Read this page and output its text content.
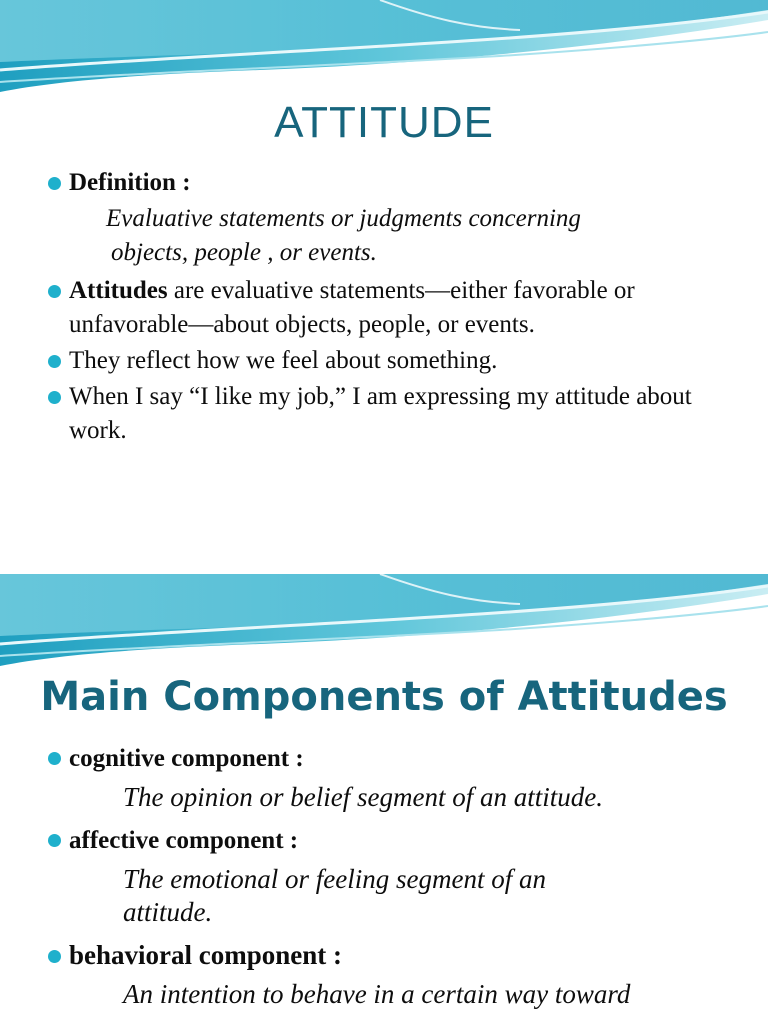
ATTITUDE
Definition :
Evaluative statements or judgments concerning
objects, people , or events.
Attitudes are evaluative statements—either favorable or unfavorable—about objects, people, or events.
They reflect how we feel about something.
When I say “I like my job,” I am expressing my attitude about work.
Main Components of Attitudes
cognitive component :
The opinion or belief segment of an attitude.
affective component :
The emotional or feeling segment of an
attitude.
behavioral component :
An intention to behave in a certain way toward
